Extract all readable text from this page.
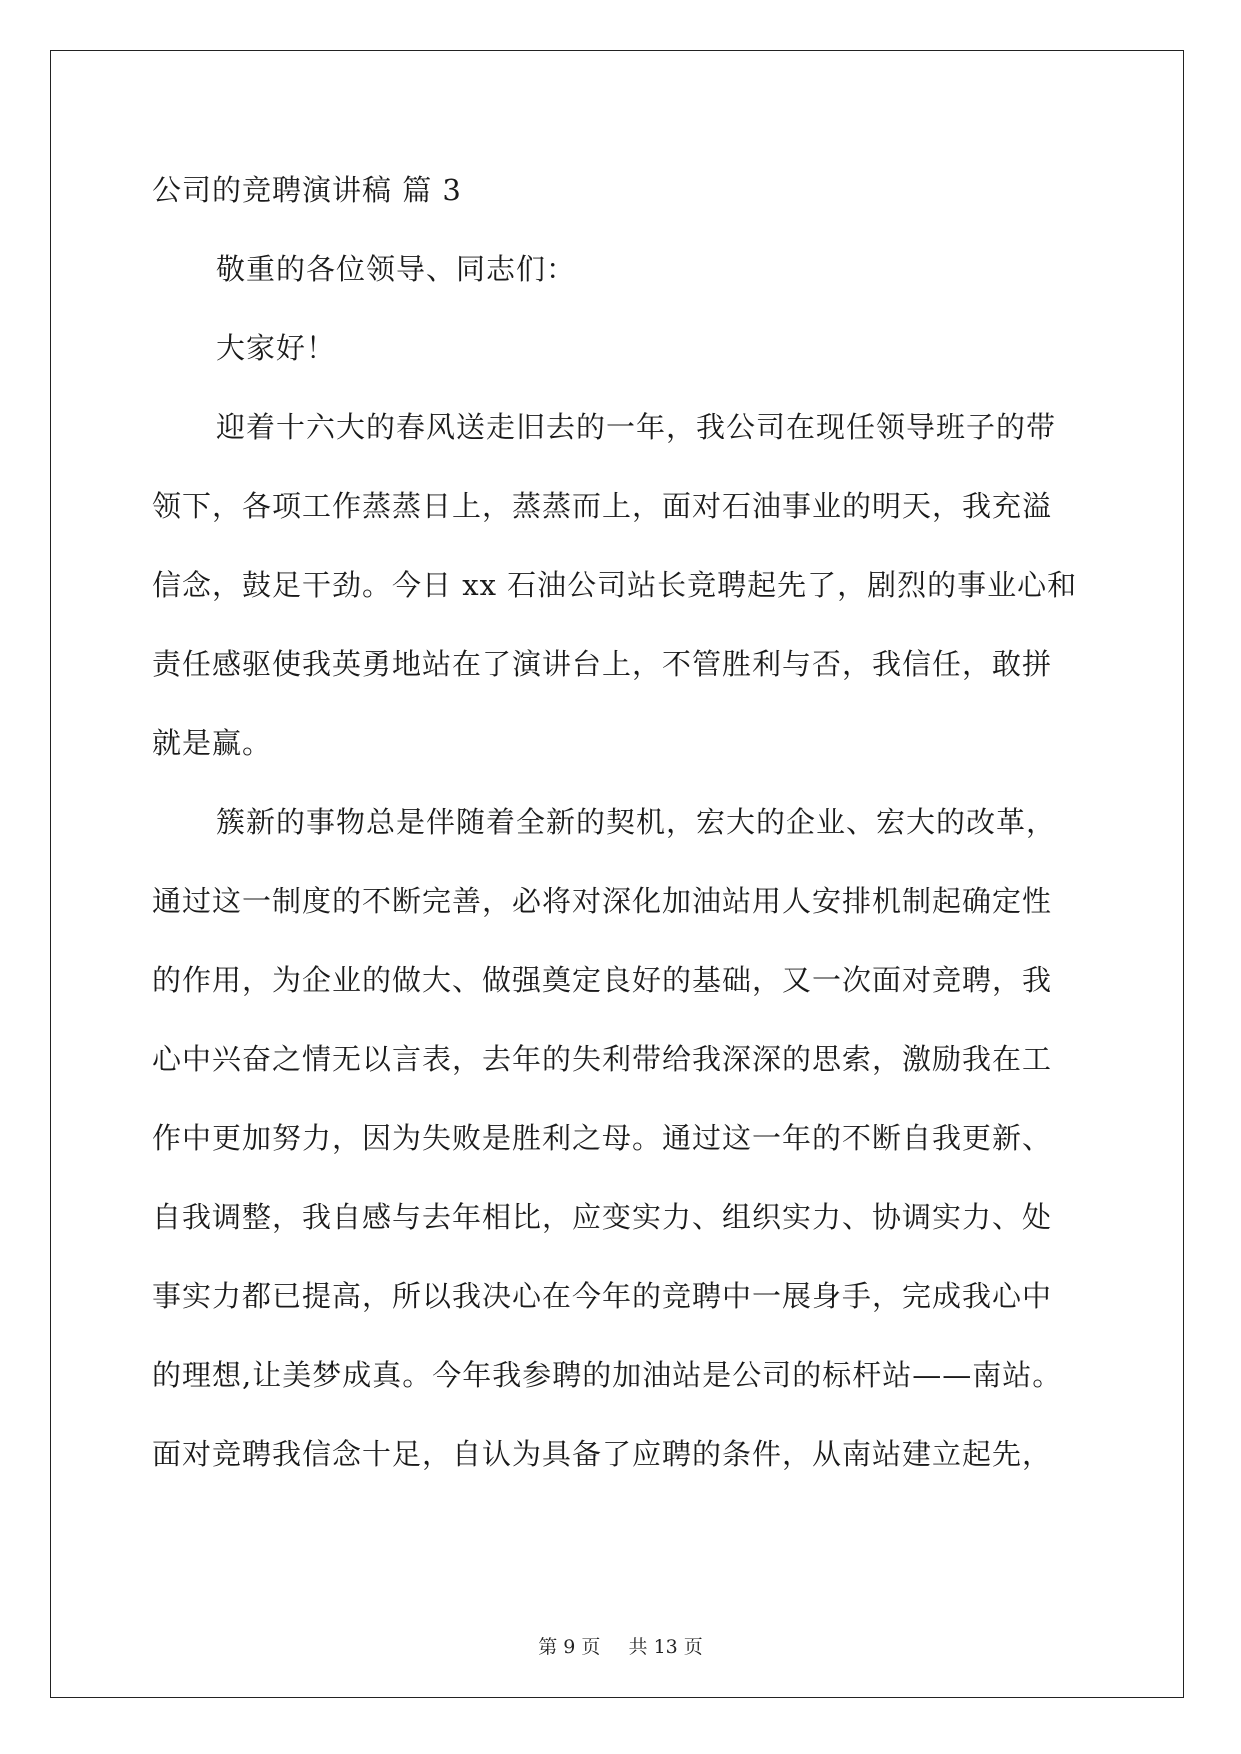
公司的竞聘演讲稿 篇 3
敬重的各位领导、同志们：
大家好！
迎着十六大的春风送走旧去的一年，我公司在现任领导班子的带
领下，各项工作蒸蒸日上，蒸蒸而上，面对石油事业的明天，我充溢
信念，鼓足干劲。今日 xx 石油公司站长竞聘起先了，剧烈的事业心和
责任感驱使我英勇地站在了演讲台上，不管胜利与否，我信任，敢拼
就是赢。
簇新的事物总是伴随着全新的契机，宏大的企业、宏大的改革，
通过这一制度的不断完善，必将对深化加油站用人安排机制起确定性
的作用，为企业的做大、做强奠定良好的基础，又一次面对竞聘，我
心中兴奋之情无以言表，去年的失利带给我深深的思索，激励我在工
作中更加努力，因为失败是胜利之母。通过这一年的不断自我更新、
自我调整，我自感与去年相比，应变实力、组织实力、协调实力、处
事实力都已提高，所以我决心在今年的竞聘中一展身手，完成我心中
的理想,让美梦成真。今年我参聘的加油站是公司的标杆站——南站。
面对竞聘我信念十足，自认为具备了应聘的条件，从南站建立起先，
第 9 页 共 13 页
